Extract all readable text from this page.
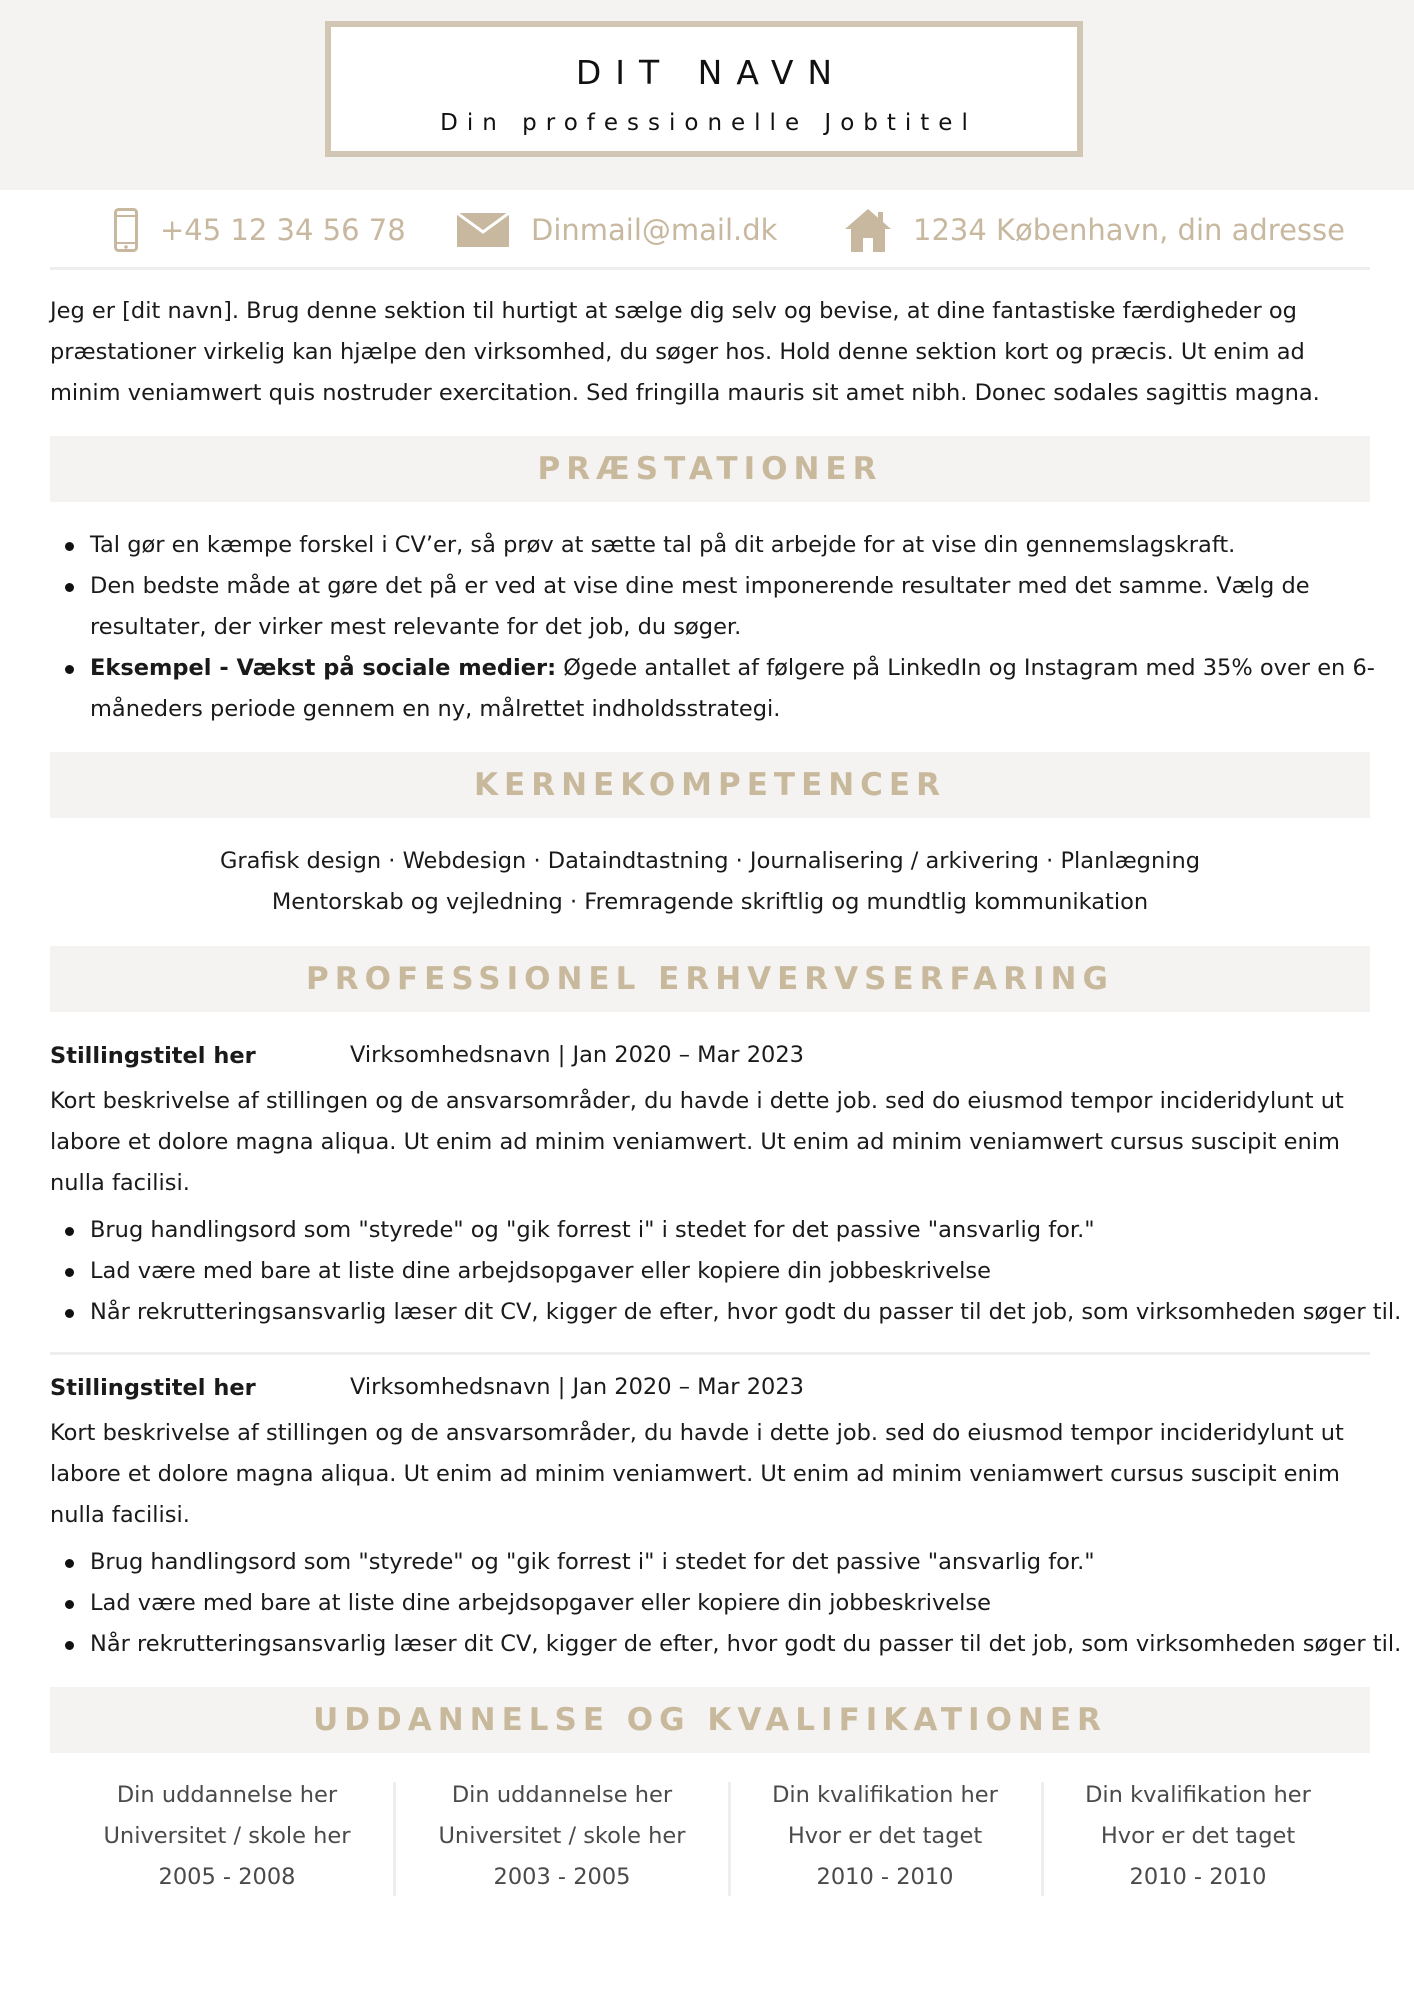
DIT NAVN
Din professionelle Jobtitel
+45 12 34 56 78	Dinmail@mail.dk	1234 København, din adresse
Jeg er [dit navn]. Brug denne sektion til hurtigt at sælge dig selv og bevise, at dine fantastiske færdigheder og præstationer virkelig kan hjælpe den virksomhed, du søger hos. Hold denne sektion kort og præcis. Ut enim ad minim veniamwert quis nostruder exercitation. Sed fringilla mauris sit amet nibh. Donec sodales sagittis magna.
PRÆSTATIONER
Tal gør en kæmpe forskel i CV’er, så prøv at sætte tal på dit arbejde for at vise din gennemslagskraft.
Den bedste måde at gøre det på er ved at vise dine mest imponerende resultater med det samme. Vælg de resultater, der virker mest relevante for det job, du søger.
Eksempel - Vækst på sociale medier: Øgede antallet af følgere på LinkedIn og Instagram med 35% over en 6-måneders periode gennem en ny, målrettet indholdsstrategi.
KERNEKOMPETENCER
Grafisk design · Webdesign · Dataindtastning · Journalisering / arkivering · Planlægning
Mentorskab og vejledning · Fremragende skriftlig og mundtlig kommunikation
PROFESSIONEL ERHVERVSERFARING
Stillingstitel her	Virksomhedsnavn | Jan 2020 – Mar 2023
Kort beskrivelse af stillingen og de ansvarsområder, du havde i dette job. sed do eiusmod tempor incideridylunt ut labore et dolore magna aliqua. Ut enim ad minim veniamwert. Ut enim ad minim veniamwert cursus suscipit enim nulla facilisi.
Brug handlingsord som "styrede" og "gik forrest i" i stedet for det passive "ansvarlig for."
Lad være med bare at liste dine arbejdsopgaver eller kopiere din jobbeskrivelse
Når rekrutteringsansvarlig læser dit CV, kigger de efter, hvor godt du passer til det job, som virksomheden søger til.
Stillingstitel her	Virksomhedsnavn | Jan 2020 – Mar 2023
Kort beskrivelse af stillingen og de ansvarsområder, du havde i dette job. sed do eiusmod tempor incideridylunt ut labore et dolore magna aliqua. Ut enim ad minim veniamwert. Ut enim ad minim veniamwert cursus suscipit enim nulla facilisi.
Brug handlingsord som "styrede" og "gik forrest i" i stedet for det passive "ansvarlig for."
Lad være med bare at liste dine arbejdsopgaver eller kopiere din jobbeskrivelse
Når rekrutteringsansvarlig læser dit CV, kigger de efter, hvor godt du passer til det job, som virksomheden søger til.
UDDANNELSE OG KVALIFIKATIONER
Din uddannelse her
Universitet / skole her
2005 - 2008
Din uddannelse her
Universitet / skole her
2003 - 2005
Din kvalifikation her
Hvor er det taget
2010 - 2010
Din kvalifikation her
Hvor er det taget
2010 - 2010
